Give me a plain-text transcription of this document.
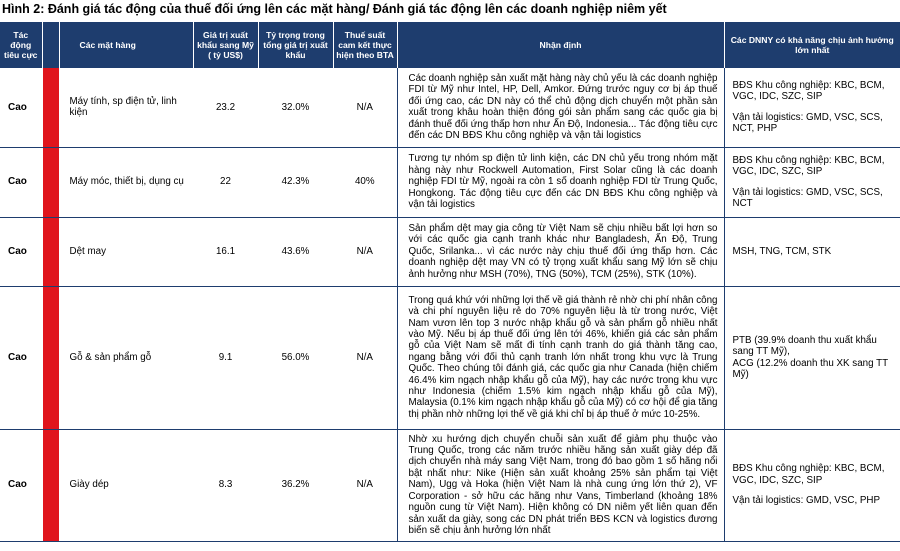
Hình 2: Đánh giá tác động của thuế đối ứng lên các mặt hàng/ Đánh giá tác động lên các doanh nghiệp niêm yết
Tác động tiêu cực		Các mặt hàng	Giá trị xuất khẩu sang Mỹ ( tỷ US$)	Tỷ trọng trong tổng giá trị xuất khẩu	Thuế suất cam kết thực hiện theo BTA	Nhận định	Các DNNY có khả năng chịu ảnh hưởng lớn nhất
Cao		Máy tính, sp điện tử, linh kiện	23.2	32.0%	N/A	Các doanh nghiệp sản xuất mặt hàng này chủ yếu là các doanh nghiệp FDI từ Mỹ như Intel, HP, Dell, Amkor. Đứng trước nguy cơ bị áp thuế đối ứng cao, các DN này có thể chủ động dịch chuyển một phần sản xuất trong khâu hoàn thiện đóng gói sản phẩm sang các quốc gia bị đánh thuế đối ứng thấp hơn như Ấn Độ, Indonesia... Tác động tiêu cực đến các DN BĐS Khu công nghiệp và vận tải logistics	BĐS Khu công nghiệp: KBC, BCM, VGC, IDC, SZC, SIP
Vận tải logistics: GMD, VSC, SCS, NCT, PHP

Cao		Máy móc, thiết bị, dụng cụ	22	42.3%	40%	Tương tự nhóm sp điện tử linh kiện, các DN chủ yếu trong nhóm mặt hàng này như Rockwell Automation, First Solar cũng là các doanh nghiệp FDI từ Mỹ, ngoài ra còn 1 số doanh nghiệp FDI từ Trung Quốc, Hongkong. Tác động tiêu cực đến các DN BĐS Khu công nghiệp và vận tải logistics	BĐS Khu công nghiệp: KBC, BCM, VGC, IDC, SZC, SIP
Vận tải logistics: GMD, VSC, SCS, NCT

Cao		Dệt may	16.1	43.6%	N/A	Sản phẩm dệt may gia công từ Việt Nam sẽ chịu nhiều bất lợi hơn so với các quốc gia cạnh tranh khác như Bangladesh, Ấn Độ, Trung Quốc, Srilanka... vì các nước này chịu thuế đối ứng thấp hơn. Các doanh nghiệp dệt may VN có tỷ trọng xuất khẩu sang Mỹ lớn sẽ chịu ảnh hưởng như MSH (70%), TNG (50%), TCM (25%), STK (10%).	MSH, TNG, TCM, STK

Cao		Gỗ & sản phẩm gỗ	9.1	56.0%	N/A	Trong quá khứ với những lợi thế về giá thành rẻ nhờ chi phí nhân công và chi phí nguyên liệu rẻ do 70% nguyên liệu là từ trong nước, Việt Nam vươn lên top 3 nước nhập khẩu gỗ và sản phẩm gỗ nhiều nhất vào Mỹ. Nếu bị áp thuế đối ứng lên tới 46%, khiến giá các sản phẩm gỗ của Việt Nam sẽ mất đi tính cạnh tranh do giá thành tăng cao, ngang bằng với đối thủ cạnh tranh lớn nhất trong khu vực là Trung Quốc. Theo chúng tôi đánh giá, các quốc gia như Canada (hiện chiếm 46.4% kim ngạch nhập khẩu gỗ của Mỹ), hay các nước trong khu vực như Indonesia (chiếm 1.5% kim ngạch nhập khẩu gỗ của Mỹ), Malaysia (0.1% kim ngạch nhập khẩu gỗ của Mỹ) có cơ hội để gia tăng thị phần nhờ những lợi thế về giá khi chỉ bị áp thuế ở mức 10-25%.	PTB (39.9% doanh thu xuất khẩu sang TT Mỹ),
ACG (12.2% doanh thu XK sang TT Mỹ)

Cao		Giày dép	8.3	36.2%	N/A	Nhờ xu hướng dịch chuyển chuỗi sản xuất để giảm phụ thuộc vào Trung Quốc, trong các năm trước nhiều hãng sản xuất giày dép đã dịch chuyển nhà máy sang Việt Nam, trong đó bao gồm 1 số hãng nổi bật nhất như: Nike (Hiện sản xuất khoảng 25% sản phẩm tại Việt Nam), Ugg và Hoka (hiện Việt Nam là nhà cung ứng lớn thứ 2), VF Corporation - sở hữu các hãng như Vans, Timberland (khoảng 18% nguồn cung từ Việt Nam). Hiện không có DN niêm yết liên quan đến sản xuất da giày, song các DN phát triển BĐS KCN và logistics đương biến sẽ chịu ảnh hưởng lớn nhất	BĐS Khu công nghiệp: KBC, BCM, VGC, IDC, SZC, SIP
Vận tải logistics: GMD, VSC, PHP
